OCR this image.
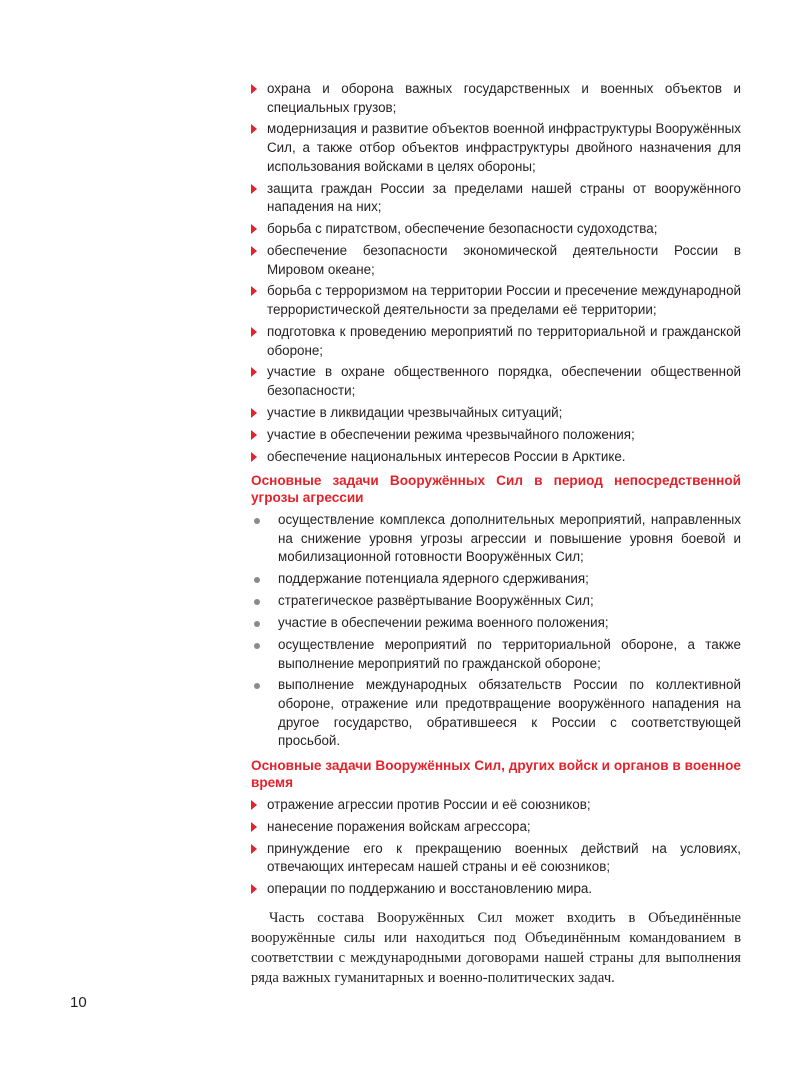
охрана и оборона важных государственных и военных объектов и специальных грузов;
модернизация и развитие объектов военной инфраструктуры Вооружённых Сил, а также отбор объектов инфраструктуры двойного назначения для использования войсками в целях обороны;
защита граждан России за пределами нашей страны от вооружённого нападения на них;
борьба с пиратством, обеспечение безопасности судоходства;
обеспечение безопасности экономической деятельности России в Мировом океане;
борьба с терроризмом на территории России и пресечение международной террористической деятельности за пределами её территории;
подготовка к проведению мероприятий по территориальной и гражданской обороне;
участие в охране общественного порядка, обеспечении общественной безопасности;
участие в ликвидации чрезвычайных ситуаций;
участие в обеспечении режима чрезвычайного положения;
обеспечение национальных интересов России в Арктике.
Основные задачи Вооружённых Сил в период непосредственной угрозы агрессии
осуществление комплекса дополнительных мероприятий, направленных на снижение уровня угрозы агрессии и повышение уровня боевой и мобилизационной готовности Вооружённых Сил;
поддержание потенциала ядерного сдерживания;
стратегическое развёртывание Вооружённых Сил;
участие в обеспечении режима военного положения;
осуществление мероприятий по территориальной обороне, а также выполнение мероприятий по гражданской обороне;
выполнение международных обязательств России по коллективной обороне, отражение или предотвращение вооружённого нападения на другое государство, обратившееся к России с соответствующей просьбой.
Основные задачи Вооружённых Сил, других войск и органов в военное время
отражение агрессии против России и её союзников;
нанесение поражения войскам агрессора;
принуждение его к прекращению военных действий на условиях, отвечающих интересам нашей страны и её союзников;
операции по поддержанию и восстановлению мира.

Часть состава Вооружённых Сил может входить в Объединённые вооружённые силы или находиться под Объединённым командованием в соответствии с международными договорами нашей страны для выполнения ряда важных гуманитарных и военно-политических задач.

10
